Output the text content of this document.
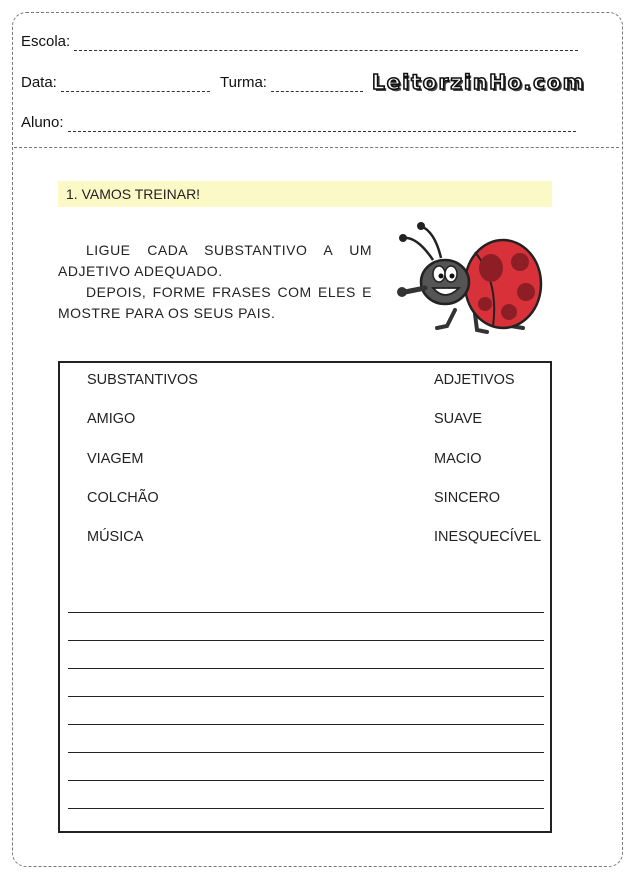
Escola:
Data:	Turma:	LeitorzinHo.com
Aluno:
1. VAMOS TREINAR!

LIGUE CADA SUBSTANTIVO A UM ADJETIVO ADEQUADO.

DEPOIS, FORME FRASES COM ELES E MOSTRE PARA OS SEUS PAIS.

SUBSTANTIVOS
AMIGO
VIAGEM
COLCHÃO
MÚSICA
ADJETIVOS
SUAVE
MACIO
SINCERO
INESQUECÍVEL
